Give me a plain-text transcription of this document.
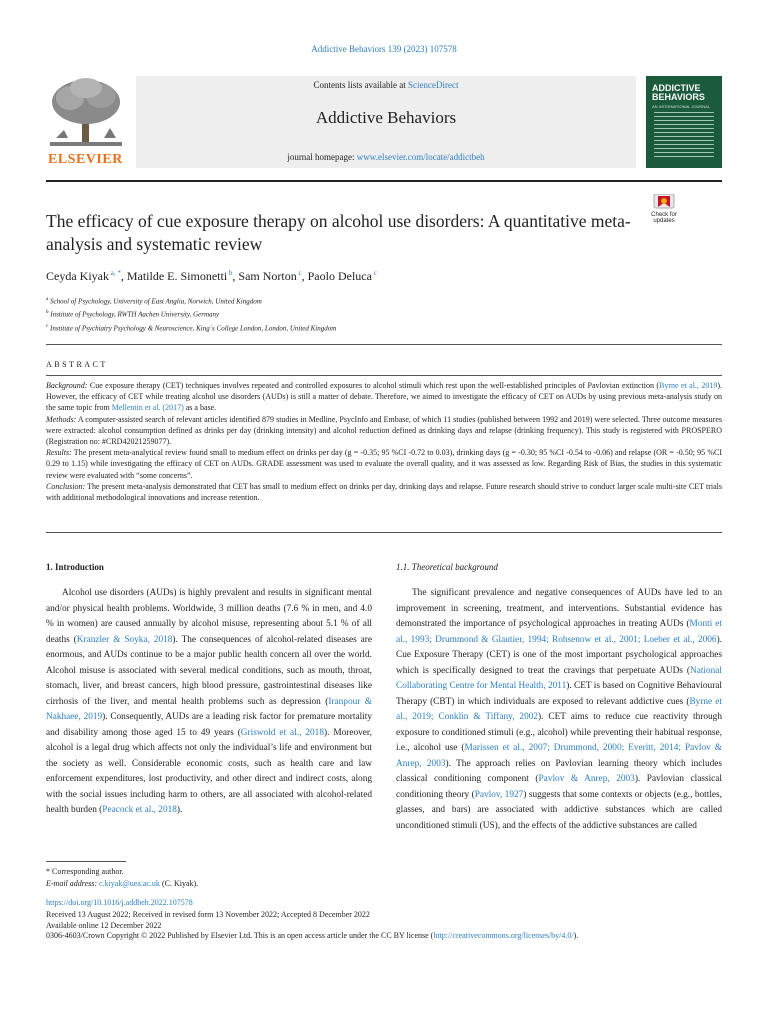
Addictive Behaviors 139 (2023) 107578
ELSEVIER
Contents lists available at ScienceDirect
Addictive Behaviors
journal homepage: www.elsevier.com/locate/addictbeh
ADDICTIVE BEHAVIORS
AN INTERNATIONAL JOURNAL
Check for updates
The efficacy of cue exposure therapy on alcohol use disorders: A quantitative meta-analysis and systematic review
Ceyda Kiyak $^{a, *}$, Matilde E. Simonetti $^b$, Sam Norton $^c$, Paolo Deluca $^c$
$^a$ School of Psychology, University of East Anglia, Norwich, United Kingdom
$^b$ Institute of Psychology, RWTH Aachen University, Germany
$^c$ Institute of Psychiatry Psychology & Neuroscience, King`s College London, London, United Kingdom
ABSTRACT

Background: Cue exposure therapy (CET) techniques involves repeated and controlled exposures to alcohol stimuli which rest upon the well-established principles of Pavlovian extinction (Byrne et al., 2019). However, the efficacy of CET while treating alcohol use disorders (AUDs) is still a matter of debate. Therefore, we aimed to investigate the efficacy of CET on AUDs by using previous meta-analysis study on the same topic from Mellentin et al. (2017) as a base.

Methods: A computer-assisted search of relevant articles identified 879 studies in Medline, PsycInfo and Embase, of which 11 studies (published between 1992 and 2019) were selected. Three outcome measures were extracted: alcohol consumption defined as drinks per day (drinking intensity) and alcohol reduction defined as drinking days and relapse (drinking frequency). This study is registered with PROSPERO (Registration no: #CRD42021259077).

Results: The present meta-analytical review found small to medium effect on drinks per day (g = -0.35; 95 %CI -0.72 to 0.03), drinking days (g = -0.30; 95 %CI -0.54 to -0.06) and relapse (OR = -0.50; 95 %CI 0.29 to 1.15) while investigating the efficacy of CET on AUDs. GRADE assessment was used to evaluate the overall quality, and it was assessed as low. Regarding Risk of Bias, the studies in this systematic review were evaluated with “some concerns”.

Conclusion: The present meta-analysis demonstrated that CET has small to medium effect on drinks per day, drinking days and relapse. Future research should strive to conduct larger scale multi-site CET trials with additional methodological innovations and increase retention.

1. Introduction	1.1. Theoretical background

Alcohol use disorders (AUDs) is highly prevalent and results in significant mental and/or physical health problems. Worldwide, 3 million deaths (7.6 % in men, and 4.0 % in women) are caused annually by alcohol misuse, representing about 5.1 % of all deaths (Kranzler & Soyka, 2018). The consequences of alcohol-related diseases are enormous, and AUDs continue to be a major public health concern all over the world. Alcohol misuse is associated with several medical conditions, such as mouth, throat, stomach, liver, and breast cancers, high blood pressure, gastrointestinal diseases like cirrhosis of the liver, and mental health problems such as depression (Iranpour & Nakhaee, 2019). Consequently, AUDs are a leading risk factor for premature mortality and disability among those aged 15 to 49 years (Griswold et al., 2018). Moreover, alcohol is a legal drug which affects not only the individual’s life and environment but the society as well. Considerable economic costs, such as health care and law enforcement expenditures, lost productivity, and other direct and indirect costs, along with the social issues including harm to others, are all associated with alcohol-related health burden (Peacock et al., 2018).

The significant prevalence and negative consequences of AUDs have led to an improvement in screening, treatment, and interventions. Substantial evidence has demonstrated the importance of psychological approaches in treating AUDs (Monti et al., 1993; Drummond & Glautier, 1994; Rohsenow et al., 2001; Loeber et al., 2006). Cue Exposure Therapy (CET) is one of the most important psychological approaches which is specifically designed to treat the cravings that perpetuate AUDs (National Collaborating Centre for Mental Health, 2011). CET is based on Cognitive Behavioural Therapy (CBT) in which individuals are exposed to relevant addictive cues (Byrne et al., 2019; Conklin & Tiffany, 2002). CET aims to reduce cue reactivity through exposure to conditioned stimuli (e.g., alcohol) while preventing their habitual response, i.e., alcohol use (Marissen et al., 2007; Drummond, 2000; Everitt, 2014; Pavlov & Anrep, 2003). The approach relies on Pavlovian learning theory which includes classical conditioning component (Pavlov & Anrep, 2003). Pavlovian classical conditioning theory (Pavlov, 1927) suggests that some contexts or objects (e.g., bottles, glasses, and bars) are associated with addictive substances which are called unconditioned stimuli (US), and the effects of the addictive substances are called

* Corresponding author.
E-mail address: c.kiyak@uea.ac.uk (C. Kiyak).
https://doi.org/10.1016/j.addbeh.2022.107578
Received 13 August 2022; Received in revised form 13 November 2022; Accepted 8 December 2022
Available online 12 December 2022
0306-4603/Crown Copyright © 2022 Published by Elsevier Ltd. This is an open access article under the CC BY license (http://creativecommons.org/licenses/by/4.0/).
